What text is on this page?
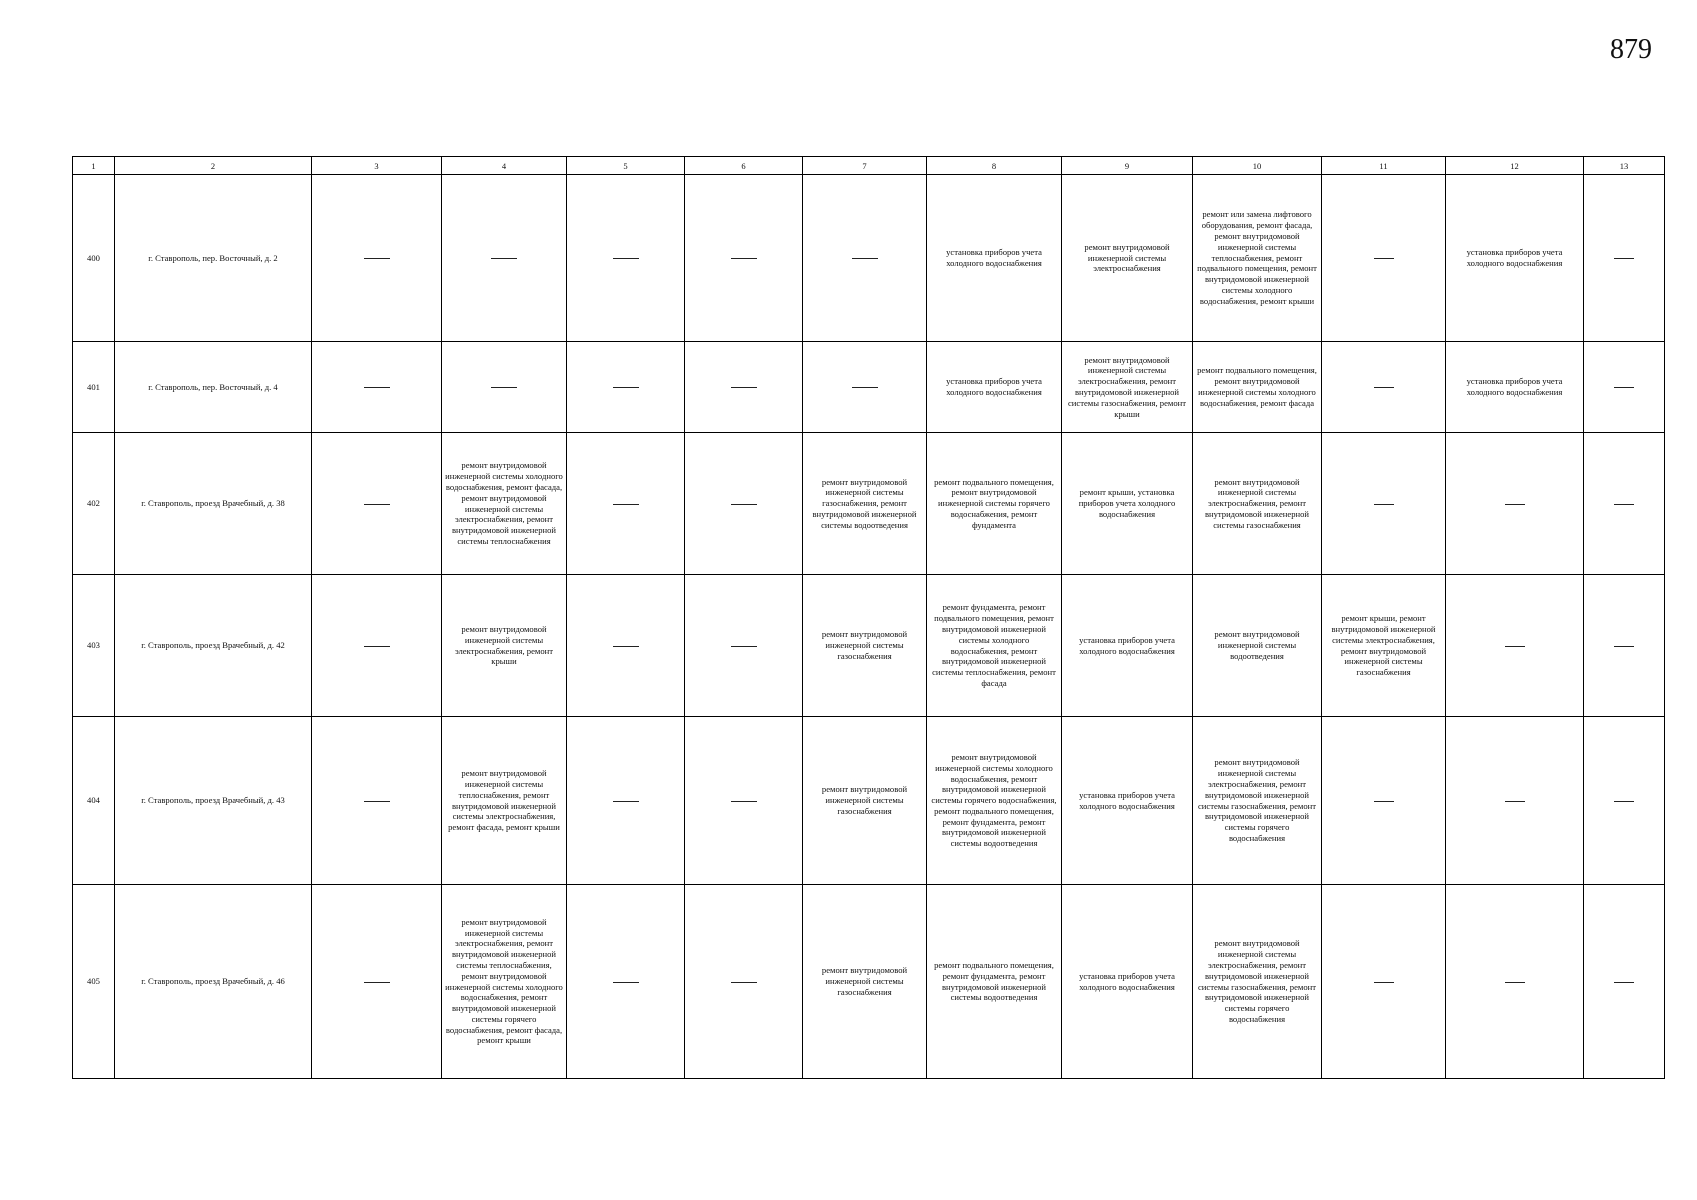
879
1	2	3	4	5	6	7	8	9	10	11	12	13
400	г. Ставрополь, пер. Восточный, д. 2						установка приборов учета холодного водоснабжения	ремонт внутридомовой инженерной системы электроснабжения	ремонт или замена лифтового оборудования, ремонт фасада, ремонт внутридомовой инженерной системы теплоснабжения, ремонт подвального помещения, ремонт внутридомовой инженерной системы холодного водоснабжения, ремонт крыши		установка приборов учета холодного водоснабжения	
401	г. Ставрополь, пер. Восточный, д. 4						установка приборов учета холодного водоснабжения	ремонт внутридомовой инженерной системы электроснабжения, ремонт внутридомовой инженерной системы газоснабжения, ремонт крыши	ремонт подвального помещения, ремонт внутридомовой инженерной системы холодного водоснабжения, ремонт фасада		установка приборов учета холодного водоснабжения	
402	г. Ставрополь, проезд Врачебный, д. 38		ремонт внутридомовой инженерной системы холодного водоснабжения, ремонт фасада, ремонт внутридомовой инженерной системы электроснабжения, ремонт внутридомовой инженерной системы теплоснабжения			ремонт внутридомовой инженерной системы газоснабжения, ремонт внутридомовой инженерной системы водоотведения	ремонт подвального помещения, ремонт внутридомовой инженерной системы горячего водоснабжения, ремонт фундамента	ремонт крыши, установка приборов учета холодного водоснабжения	ремонт внутридомовой инженерной системы электроснабжения, ремонт внутридомовой инженерной системы газоснабжения			
403	г. Ставрополь, проезд Врачебный, д. 42		ремонт внутридомовой инженерной системы электроснабжения, ремонт крыши			ремонт внутридомовой инженерной системы газоснабжения	ремонт фундамента, ремонт подвального помещения, ремонт внутридомовой инженерной системы холодного водоснабжения, ремонт внутридомовой инженерной системы теплоснабжения, ремонт фасада	установка приборов учета холодного водоснабжения	ремонт внутридомовой инженерной системы водоотведения	ремонт крыши, ремонт внутридомовой инженерной системы электроснабжения, ремонт внутридомовой инженерной системы газоснабжения		
404	г. Ставрополь, проезд Врачебный, д. 43		ремонт внутридомовой инженерной системы теплоснабжения, ремонт внутридомовой инженерной системы электроснабжения, ремонт фасада, ремонт крыши			ремонт внутридомовой инженерной системы газоснабжения	ремонт внутридомовой инженерной системы холодного водоснабжения, ремонт внутридомовой инженерной системы горячего водоснабжения, ремонт подвального помещения, ремонт фундамента, ремонт внутридомовой инженерной системы водоотведения	установка приборов учета холодного водоснабжения	ремонт внутридомовой инженерной системы электроснабжения, ремонт внутридомовой инженерной системы газоснабжения, ремонт внутридомовой инженерной системы горячего водоснабжения			
405	г. Ставрополь, проезд Врачебный, д. 46		ремонт внутридомовой инженерной системы электроснабжения, ремонт внутридомовой инженерной системы теплоснабжения, ремонт внутридомовой инженерной системы холодного водоснабжения, ремонт внутридомовой инженерной системы горячего водоснабжения, ремонт фасада, ремонт крыши			ремонт внутридомовой инженерной системы газоснабжения	ремонт подвального помещения, ремонт фундамента, ремонт внутридомовой инженерной системы водоотведения	установка приборов учета холодного водоснабжения	ремонт внутридомовой инженерной системы электроснабжения, ремонт внутридомовой инженерной системы газоснабжения, ремонт внутридомовой инженерной системы горячего водоснабжения			
